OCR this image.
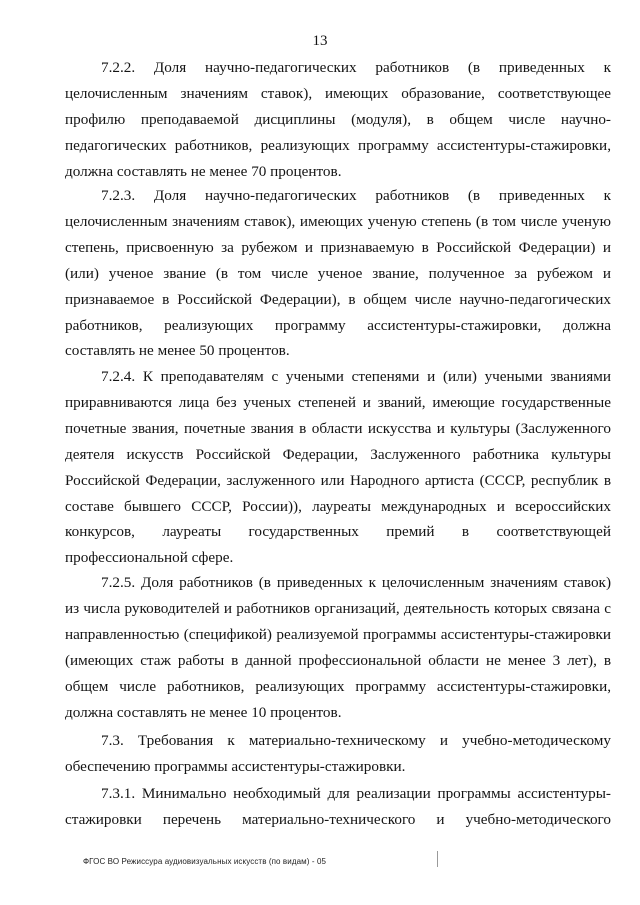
13

7.2.2. Доля научно-педагогических работников (в приведенных к целочисленным значениям ставок), имеющих образование, соответствующее профилю преподаваемой дисциплины (модуля), в общем числе научно-педагогических работников, реализующих программу ассистентуры-стажировки, должна составлять не менее 70 процентов.

7.2.3. Доля научно-педагогических работников (в приведенных к целочисленным значениям ставок), имеющих ученую степень (в том числе ученую степень, присвоенную за рубежом и признаваемую в Российской Федерации) и (или) ученое звание (в том числе ученое звание, полученное за рубежом и признаваемое в Российской Федерации), в общем числе научно-педагогических работников, реализующих программу ассистентуры-стажировки, должна составлять не менее 50 процентов.

7.2.4. К преподавателям с учеными степенями и (или) учеными званиями приравниваются лица без ученых степеней и званий, имеющие государственные почетные звания, почетные звания в области искусства и культуры (Заслуженного деятеля искусств Российской Федерации, Заслуженного работника культуры Российской Федерации, заслуженного или Народного артиста (СССР, республик в составе бывшего СССР, России)), лауреаты международных и всероссийских конкурсов, лауреаты государственных премий в соответствующей профессиональной сфере.

7.2.5. Доля работников (в приведенных к целочисленным значениям ставок) из числа руководителей и работников организаций, деятельность которых связана с направленностью (спецификой) реализуемой программы ассистентуры-стажировки (имеющих стаж работы в данной профессиональной области не менее 3 лет), в общем числе работников, реализующих программу ассистентуры-стажировки, должна составлять не менее 10 процентов.

7.3. Требования к материально-техническому и учебно-методическому обеспечению программы ассистентуры-стажировки.

7.3.1. Минимально необходимый для реализации программы ассистентуры-стажировки перечень материально-технического и учебно-методического

ФГОС ВО Режиссура аудиовизуальных искусств (по видам) - 05
